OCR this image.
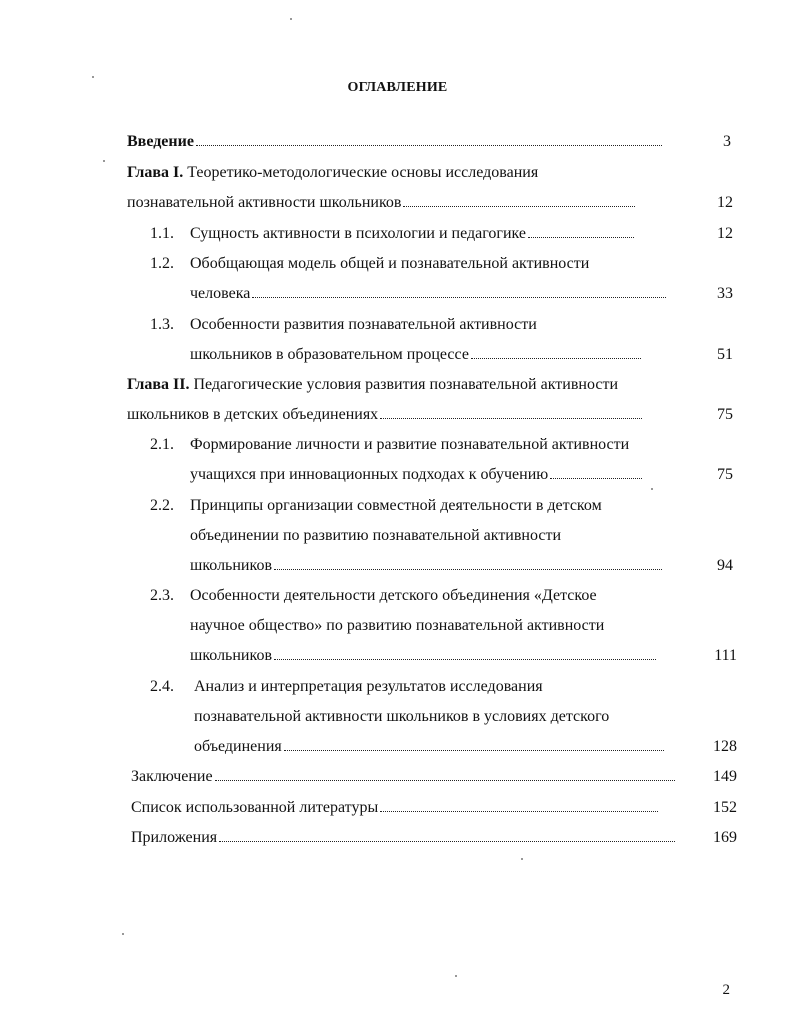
ОГЛАВЛЕНИЕ
Введение	3
Глава I. Теоретико-методологические основы исследования
познавательной активности школьников	12
1.1. Сущность активности в психологии и педагогике	12
1.2. Обобщающая модель общей и познавательной активности
человека	33
1.3. Особенности развития познавательной активности
школьников в образовательном процессе	51
Глава II. Педагогические условия развития познавательной активности
школьников в детских объединениях	75
2.1. Формирование личности и развитие познавательной активности
учащихся при инновационных подходах к обучению	75
2.2. Принципы организации совместной деятельности в детском
объединении по развитию познавательной активности
школьников	94
2.3. Особенности деятельности детского объединения «Детское
научное общество» по развитию познавательной активности
школьников	111
2.4. Анализ и интерпретация результатов исследования
познавательной активности школьников в условиях детского
объединения	128
Заключение	149
Список использованной литературы	152
Приложения	169
2
